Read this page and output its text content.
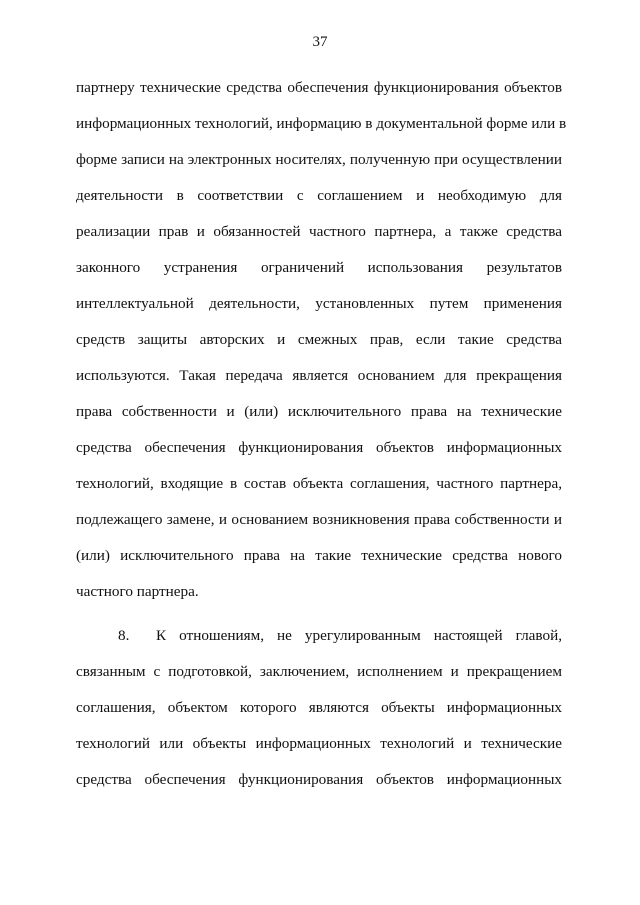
37
партнеру технические средства обеспечения функционирования объектов
информационных технологий, информацию в документальной форме или в
форме записи на электронных носителях, полученную при осуществлении
деятельности в соответствии с соглашением и необходимую для
реализации прав и обязанностей частного партнера, а также средства
законного устранения ограничений использования результатов
интеллектуальной деятельности, установленных путем применения
средств защиты авторских и смежных прав, если такие средства
используются. Такая передача является основанием для прекращения
права собственности и (или) исключительного права на технические
средства обеспечения функционирования объектов информационных
технологий, входящие в состав объекта соглашения, частного партнера,
подлежащего замене, и основанием возникновения права собственности и
(или) исключительного права на такие технические средства нового
частного партнера.
8. К отношениям, не урегулированным настоящей главой,
связанным с подготовкой, заключением, исполнением и прекращением
соглашения, объектом которого являются объекты информационных
технологий или объекты информационных технологий и технические
средства обеспечения функционирования объектов информационных
